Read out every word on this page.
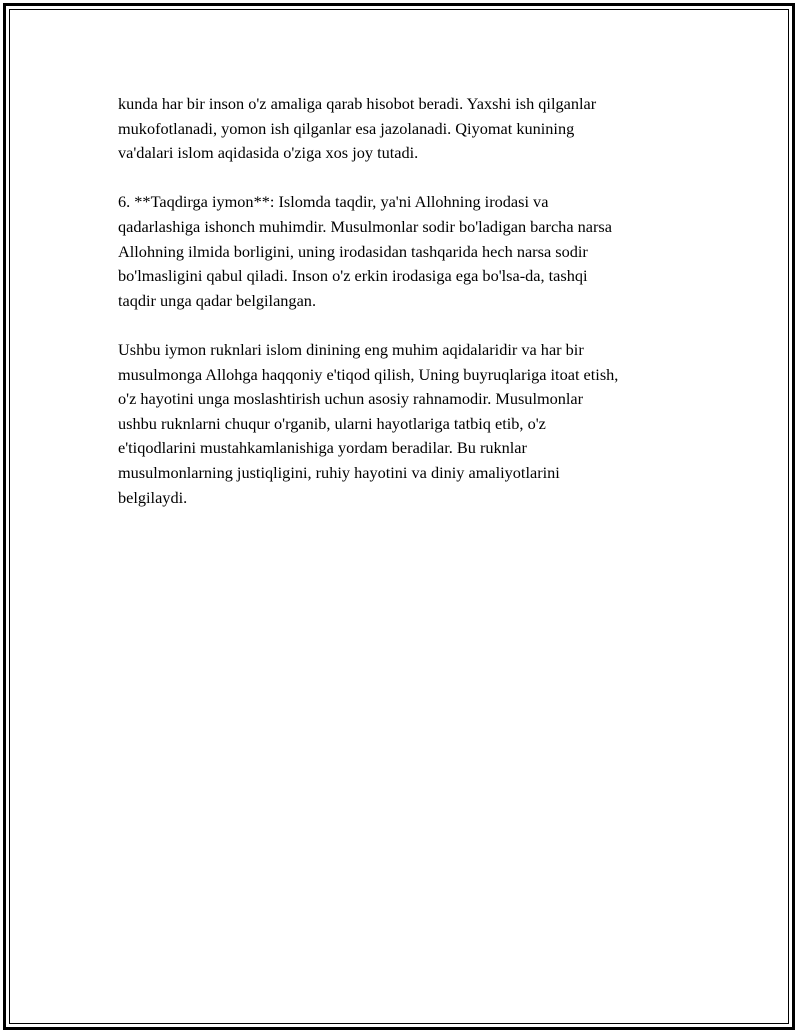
kunda har bir inson o'z amaliga qarab hisobot beradi. Yaxshi ish qilganlar
mukofotlanadi, yomon ish qilganlar esa jazolanadi. Qiyomat kunining
va'dalari islom aqidasida o'ziga xos joy tutadi.

6. **Taqdirga iymon**: Islomda taqdir, ya'ni Allohning irodasi va
qadarlashiga ishonch muhimdir. Musulmonlar sodir bo'ladigan barcha narsa
Allohning ilmida borligini, uning irodasidan tashqarida hech narsa sodir
bo'lmasligini qabul qiladi. Inson o'z erkin irodasiga ega bo'lsa-da, tashqi
taqdir unga qadar belgilangan.

Ushbu iymon ruknlari islom dinining eng muhim aqidalaridir va har bir
musulmonga Allohga haqqoniy e'tiqod qilish, Uning buyruqlariga itoat etish,
o'z hayotini unga moslashtirish uchun asosiy rahnamodir. Musulmonlar
ushbu ruknlarni chuqur o'rganib, ularni hayotlariga tatbiq etib, o'z
e'tiqodlarini mustahkamlanishiga yordam beradilar. Bu ruknlar
musulmonlarning justiqligini, ruhiy hayotini va diniy amaliyotlarini
belgilaydi.
